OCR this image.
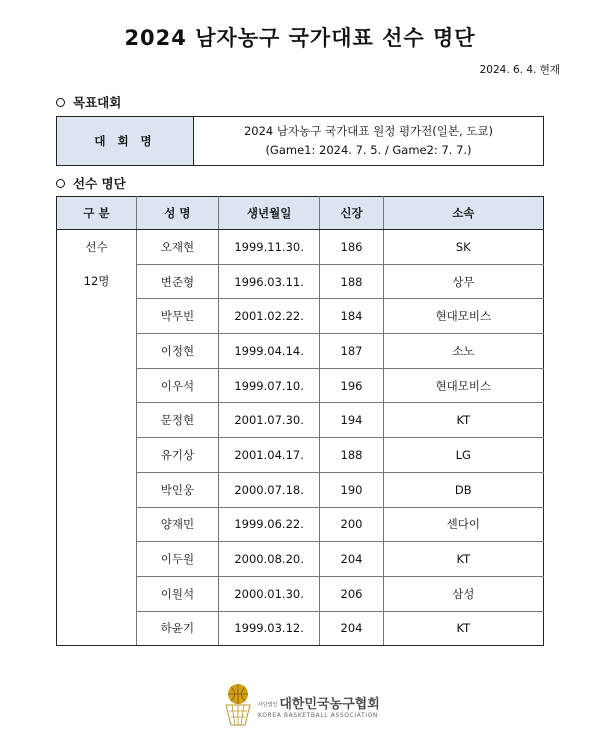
2024 남자농구 국가대표 선수 명단
2024. 6. 4. 현재
목표대회
대 회 명	
2024 남자농구 국가대표 원정 평가전(일본, 도쿄)
(Game1: 2024. 7. 5. / Game2: 7. 7.)
선수 명단
구 분	성 명	생년월일	신장	소속

선수
12명	오재현	1999.11.30.	186	SK
	변준형	1996.03.11.	188	상무
	박무빈	2001.02.22.	184	현대모비스
	이정현	1999.04.14.	187	소노
	이우석	1999.07.10.	196	현대모비스
	문정현	2001.07.30.	194	KT
	유기상	2001.04.17.	188	LG
	박인웅	2000.07.18.	190	DB
	양재민	1999.06.22.	200	센다이
	이두원	2000.08.20.	204	KT
	이원석	2000.01.30.	206	삼성
	하윤기	1999.03.12.	204	KT
사단법인 대한민국농구협회
KOREA BASKETBALL ASSOCIATION
